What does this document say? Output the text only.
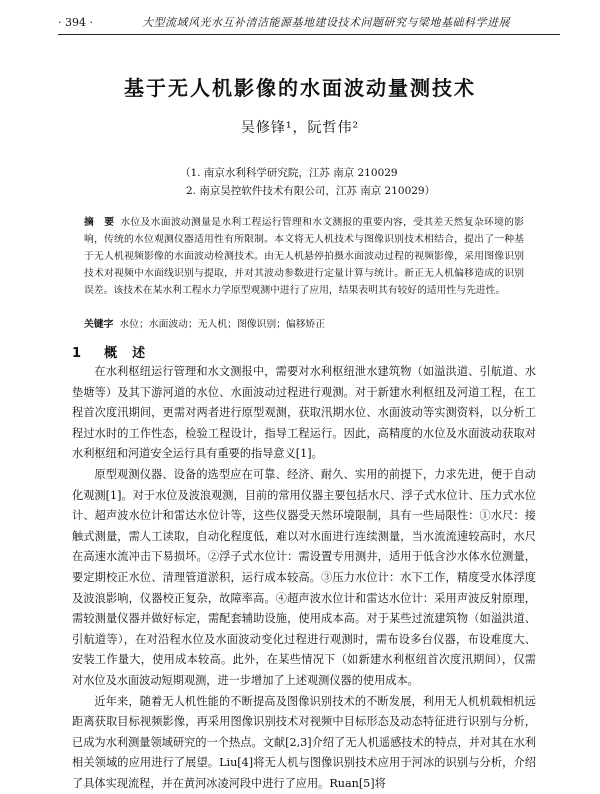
· 394 ·	大型流域风光水互补清洁能源基地建设技术问题研究与梁地基础科学进展
基于无人机影像的水面波动量测技术
吴修锋¹，阮哲伟²
（1. 南京水利科学研究院，江苏 南京 210029
2. 南京昊控软件技术有限公司，江苏 南京 210029）
摘　要 水位及水面波动测量是水利工程运行管理和水文测报的重要内容，受其差天然复杂环境的影响，传统的水位观测仪器适用性有所限制。本文将无人机技术与图像识别技术相结合，提出了一种基于无人机视频影像的水面波动检测技术。由无人机悬停拍摄水面波动过程的视频影像，采用图像识别技术对视频中水面线识别与提取，并对其波动参数进行定量计算与统计。新正无人机偏移造成的识别误差。该技术在某水利工程水力学原型观测中进行了应用，结果表明其有较好的适用性与先进性。
关键字 水位；水面波动；无人机；图像识别；偏移矫正
1 概　述

在水利枢纽运行管理和水文测报中，需要对水利枢纽泄水建筑物（如溢洪道、引航道、水垫塘等）及其下游河道的水位、水面波动过程进行观测。对于新建水利枢纽及河道工程，在工程首次度汛期间，更需对两者进行原型观测，获取汛期水位、水面波动等实测资料，以分析工程过水时的工作性态，检验工程设计，指导工程运行。因此，高精度的水位及水面波动获取对水利枢纽和河道安全运行具有重要的指导意义[1]。

原型观测仪器、设备的选型应在可靠、经济、耐久、实用的前提下，力求先进，便于自动化观测[1]。对于水位及波浪观测，目前的常用仪器主要包括水尺、浮子式水位计、压力式水位计、超声波水位计和雷达水位计等，这些仪器受天然环境限制，具有一些局限性：①水尺：接触式测量，需人工读取，自动化程度低，难以对水面进行连续测量，当水流流速较高时，水尺在高速水流冲击下易损坏。②浮子式水位计：需设置专用测井，适用于低含沙水体水位测量，要定期校正水位、清理管道淤积，运行成本较高。③压力水位计：水下工作，精度受水体浮度及波浪影响，仪器校正复杂，故障率高。④超声波水位计和雷达水位计：采用声波反射原理，需较测量仪器并做好标定，需配套辅助设施，使用成本高。对于某些过流建筑物（如溢洪道、引航道等），在对沿程水位及水面波动变化过程进行观测时，需布设多台仪器，布设难度大、安装工作量大，使用成本较高。此外，在某些情况下（如新建水利枢纽首次度汛期间），仅需对水位及水面波动短期观测，进一步增加了上述观测仪器的使用成本。

近年来，随着无人机性能的不断提高及图像识别技术的不断发展，利用无人机机载相机远距离获取目标视频影像，再采用图像识别技术对视频中目标形态及动态特征进行识别与分析，已成为水利测量领域研究的一个热点。文献[2,3]介绍了无人机遥感技术的特点，并对其在水利相关领域的应用进行了展望。Liu[4]将无人机与图像识别技术应用于河冰的识别与分析，介绍了具体实现流程，并在黄河冰凌河段中进行了应用。Ruan[5]将
